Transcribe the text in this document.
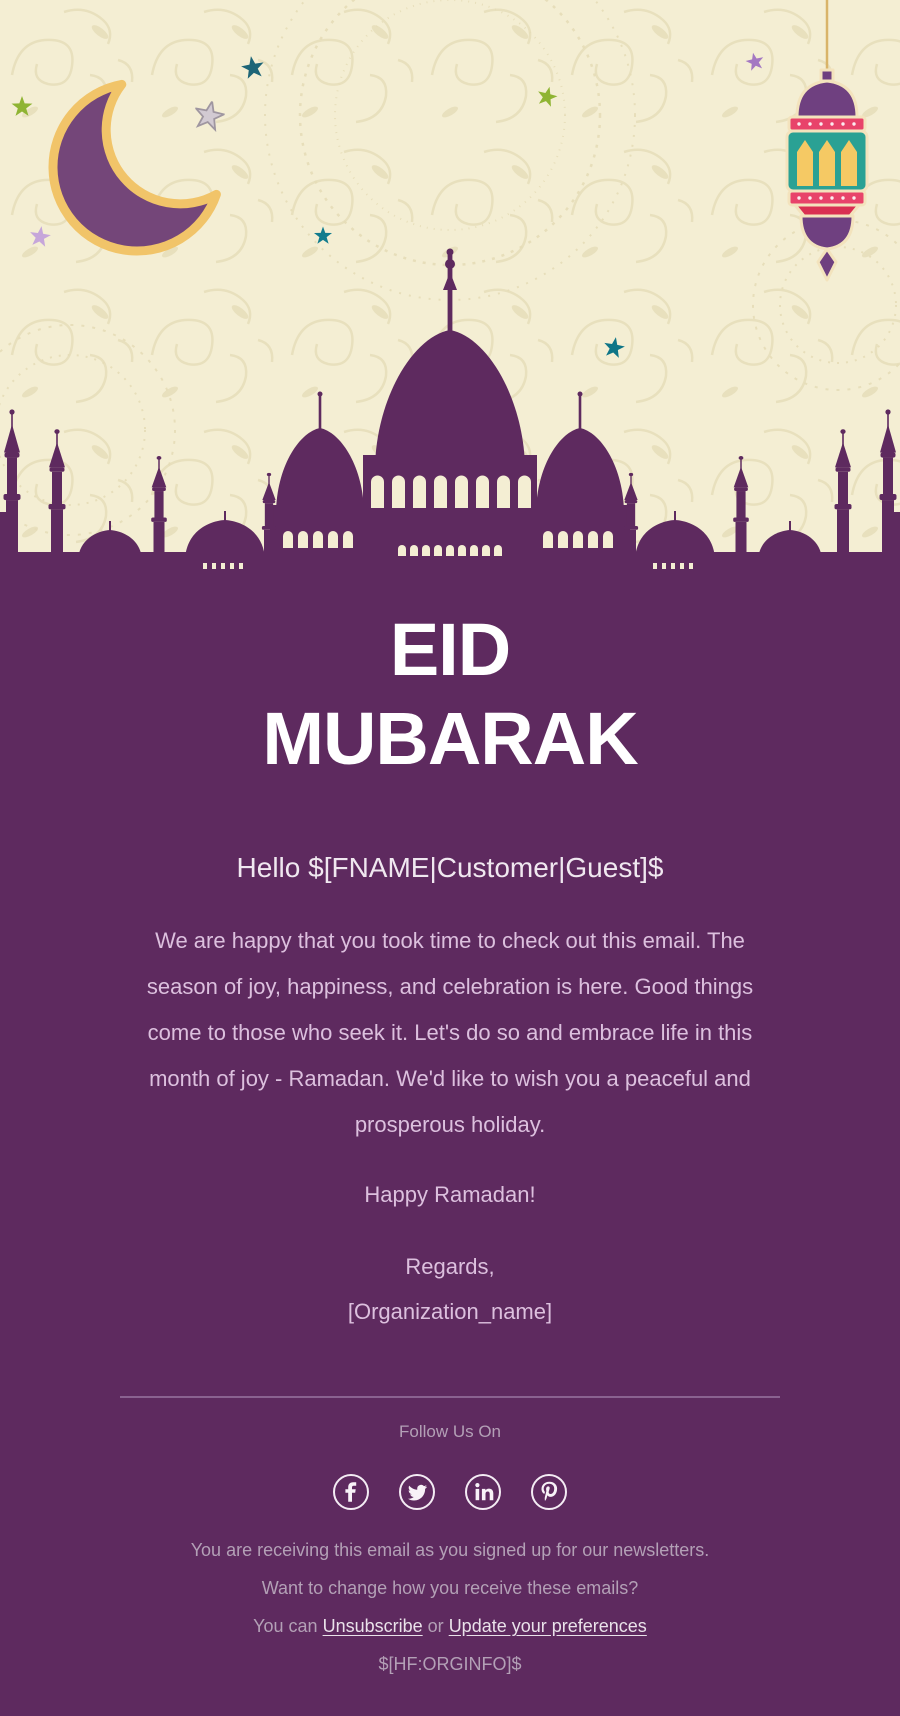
EID
MUBARAK
Hello $[FNAME|Customer|Guest]$
We are happy that you took time to check out this email. The
season of joy, happiness, and celebration is here. Good things
come to those who seek it. Let's do so and embrace life in this
month of joy - Ramadan. We'd like to wish you a peaceful and
prosperous holiday.
Happy Ramadan!
Regards,
[Organization_name]
Follow Us On
You are receiving this email as you signed up for our newsletters.
Want to change how you receive these emails?
You can Unsubscribe or Update your preferences
$[HF:ORGINFO]$
